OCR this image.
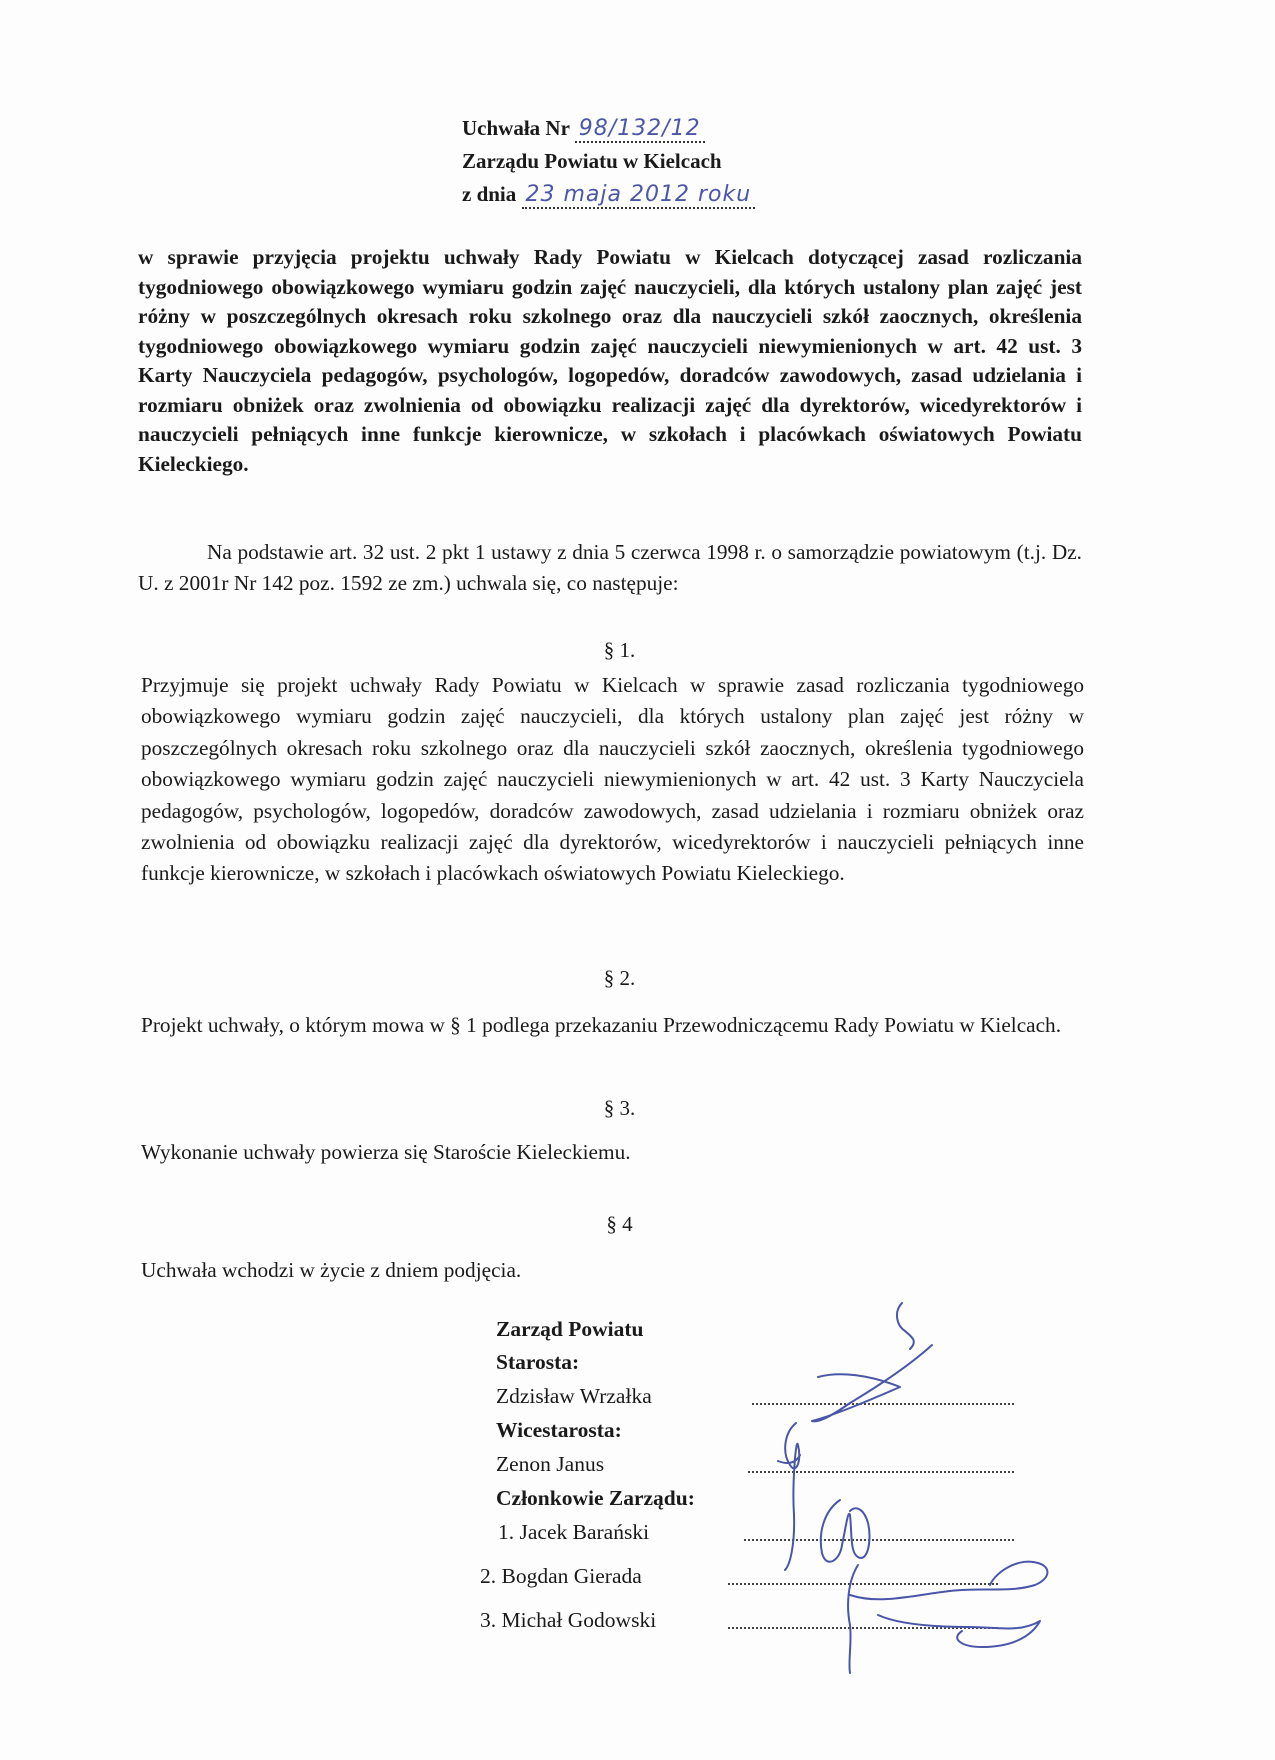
Uchwała Nr 98/132/12
Zarządu Powiatu w Kielcach
z dnia 23 maja 2012 roku

w sprawie przyjęcia projektu uchwały Rady Powiatu w Kielcach dotyczącej zasad rozliczania tygodniowego obowiązkowego wymiaru godzin zajęć nauczycieli, dla których ustalony plan zajęć jest różny w poszczególnych okresach roku szkolnego oraz dla nauczycieli szkół zaocznych, określenia tygodniowego obowiązkowego wymiaru godzin zajęć nauczycieli niewymienionych w art. 42 ust. 3 Karty Nauczyciela pedagogów, psychologów, logopedów, doradców zawodowych, zasad udzielania i rozmiaru obniżek oraz zwolnienia od obowiązku realizacji zajęć dla dyrektorów, wicedyrektorów i nauczycieli pełniących inne funkcje kierownicze, w szkołach i placówkach oświatowych Powiatu Kieleckiego.

Na podstawie art. 32 ust. 2 pkt 1 ustawy z dnia 5 czerwca 1998 r. o samorządzie powiatowym (t.j. Dz. U. z 2001r Nr 142 poz. 1592 ze zm.) uchwala się, co następuje:

§ 1.

Przyjmuje się projekt uchwały Rady Powiatu w Kielcach w sprawie zasad rozliczania tygodniowego obowiązkowego wymiaru godzin zajęć nauczycieli, dla których ustalony plan zajęć jest różny w poszczególnych okresach roku szkolnego oraz dla nauczycieli szkół zaocznych, określenia tygodniowego obowiązkowego wymiaru godzin zajęć nauczycieli niewymienionych w art. 42 ust. 3 Karty Nauczyciela pedagogów, psychologów, logopedów, doradców zawodowych, zasad udzielania i rozmiaru obniżek oraz zwolnienia od obowiązku realizacji zajęć dla dyrektorów, wicedyrektorów i nauczycieli pełniących inne funkcje kierownicze, w szkołach i placówkach oświatowych Powiatu Kieleckiego.

§ 2.

Projekt uchwały, o którym mowa w § 1 podlega przekazaniu Przewodniczącemu Rady Powiatu w Kielcach.

§ 3.

Wykonanie uchwały powierza się Staroście Kieleckiemu.

§ 4

Uchwała wchodzi w życie z dniem podjęcia.

Zarząd Powiatu
Starosta:
Zdzisław Wrzałka
Wicestarosta:
Zenon Janus
Członkowie Zarządu:
1. Jacek Barański
2. Bogdan Gierada
3. Michał Godowski
